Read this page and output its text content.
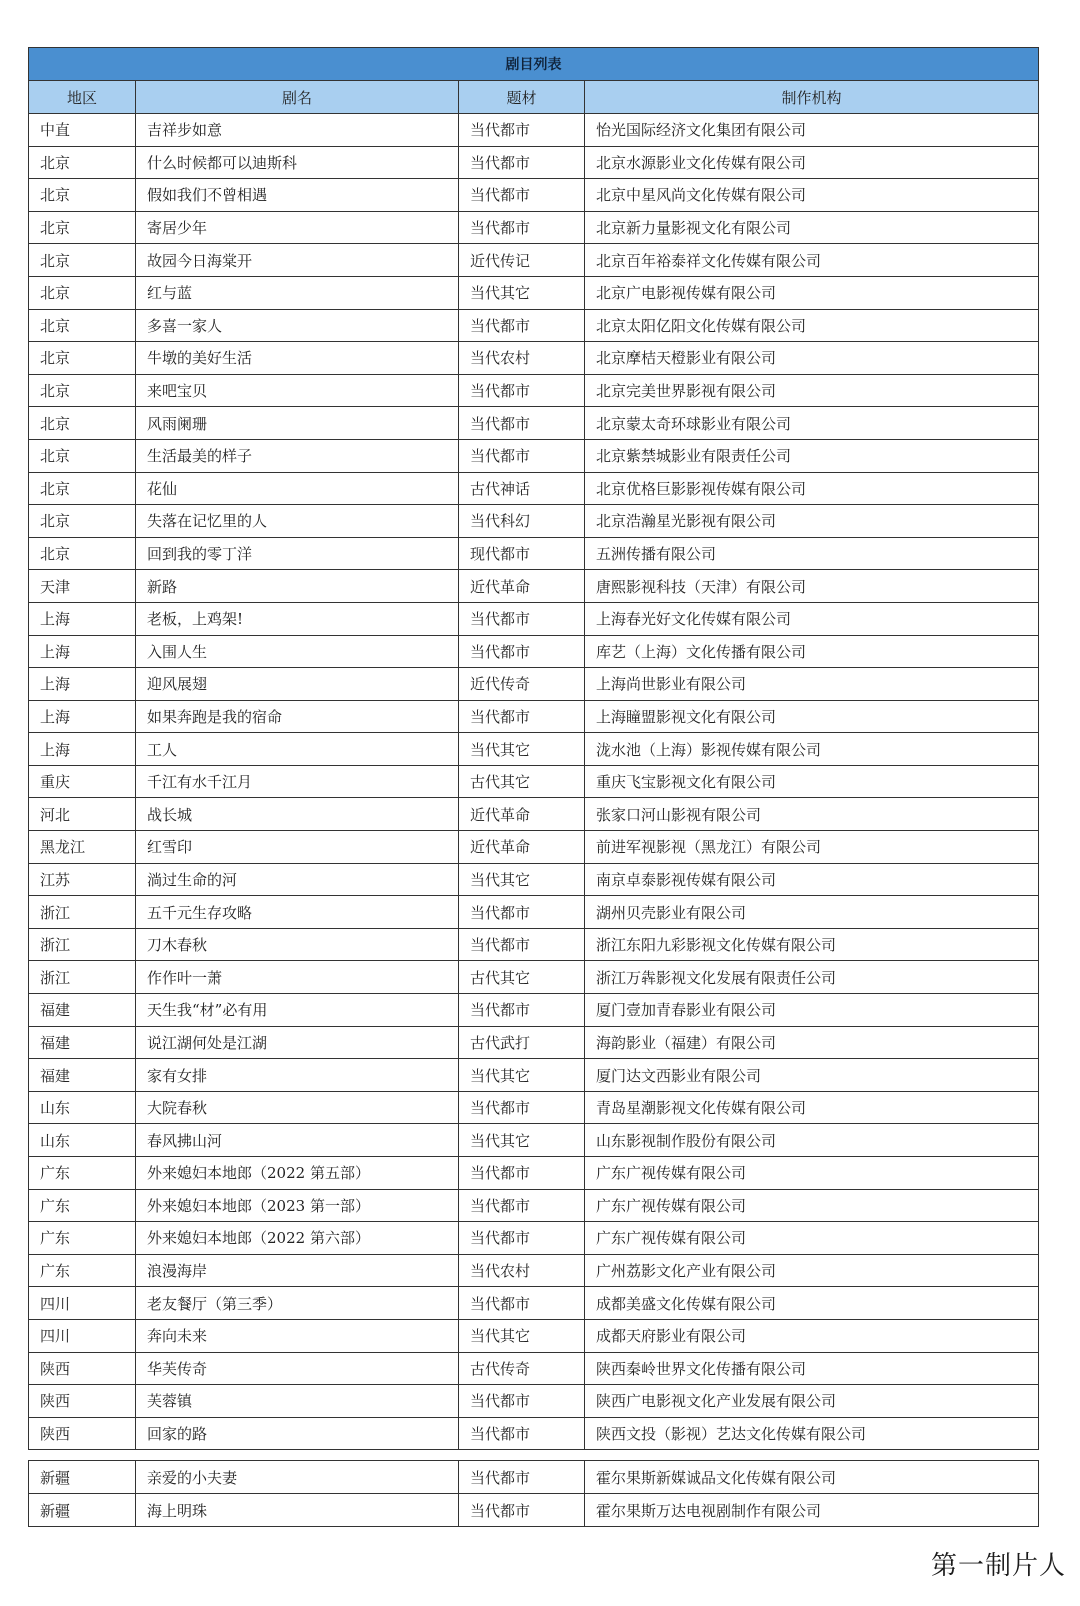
剧目列表			
地区	剧名	题材	制作机构
中直	吉祥步如意	当代都市	怡光国际经济文化集团有限公司
北京	什么时候都可以迪斯科	当代都市	北京水源影业文化传媒有限公司
北京	假如我们不曾相遇	当代都市	北京中星风尚文化传媒有限公司
北京	寄居少年	当代都市	北京新力量影视文化有限公司
北京	故园今日海棠开	近代传记	北京百年裕泰祥文化传媒有限公司
北京	红与蓝	当代其它	北京广电影视传媒有限公司
北京	多喜一家人	当代都市	北京太阳亿阳文化传媒有限公司
北京	牛墩的美好生活	当代农村	北京摩桔天橙影业有限公司
北京	来吧宝贝	当代都市	北京完美世界影视有限公司
北京	风雨阑珊	当代都市	北京蒙太奇环球影业有限公司
北京	生活最美的样子	当代都市	北京紫禁城影业有限责任公司
北京	花仙	古代神话	北京优格巨影影视传媒有限公司
北京	失落在记忆里的人	当代科幻	北京浩瀚星光影视有限公司
北京	回到我的零丁洋	现代都市	五洲传播有限公司
天津	新路	近代革命	唐熙影视科技（天津）有限公司
上海	老板，上鸡架!	当代都市	上海春光好文化传媒有限公司
上海	入围人生	当代都市	库艺（上海）文化传播有限公司
上海	迎风展翅	近代传奇	上海尚世影业有限公司
上海	如果奔跑是我的宿命	当代都市	上海瞳盟影视文化有限公司
上海	工人	当代其它	泷水池（上海）影视传媒有限公司
重庆	千江有水千江月	古代其它	重庆飞宝影视文化有限公司
河北	战长城	近代革命	张家口河山影视有限公司
黑龙江	红雪印	近代革命	前进军视影视（黑龙江）有限公司
江苏	淌过生命的河	当代其它	南京卓泰影视传媒有限公司
浙江	五千元生存攻略	当代都市	湖州贝壳影业有限公司
浙江	刀木春秋	当代都市	浙江东阳九彩影视文化传媒有限公司
浙江	作作叶一萧	古代其它	浙江万犇影视文化发展有限责任公司
福建	天生我“材”必有用	当代都市	厦门壹加青春影业有限公司
福建	说江湖何处是江湖	古代武打	海韵影业（福建）有限公司
福建	家有女排	当代其它	厦门达文西影业有限公司
山东	大院春秋	当代都市	青岛星潮影视文化传媒有限公司
山东	春风拂山河	当代其它	山东影视制作股份有限公司
广东	外来媳妇本地郎（2022 第五部）	当代都市	广东广视传媒有限公司
广东	外来媳妇本地郎（2023 第一部）	当代都市	广东广视传媒有限公司
广东	外来媳妇本地郎（2022 第六部）	当代都市	广东广视传媒有限公司
广东	浪漫海岸	当代农村	广州荔影文化产业有限公司
四川	老友餐厅（第三季）	当代都市	成都美盛文化传媒有限公司
四川	奔向未来	当代其它	成都天府影业有限公司
陕西	华芙传奇	古代传奇	陕西秦岭世界文化传播有限公司
陕西	芙蓉镇	当代都市	陕西广电影视文化产业发展有限公司
陕西	回家的路	当代都市	陕西文投（影视）艺达文化传媒有限公司
新疆	亲爱的小夫妻	当代都市	霍尔果斯新媒诚品文化传媒有限公司
新疆	海上明珠	当代都市	霍尔果斯万达电视剧制作有限公司
第一制片人
